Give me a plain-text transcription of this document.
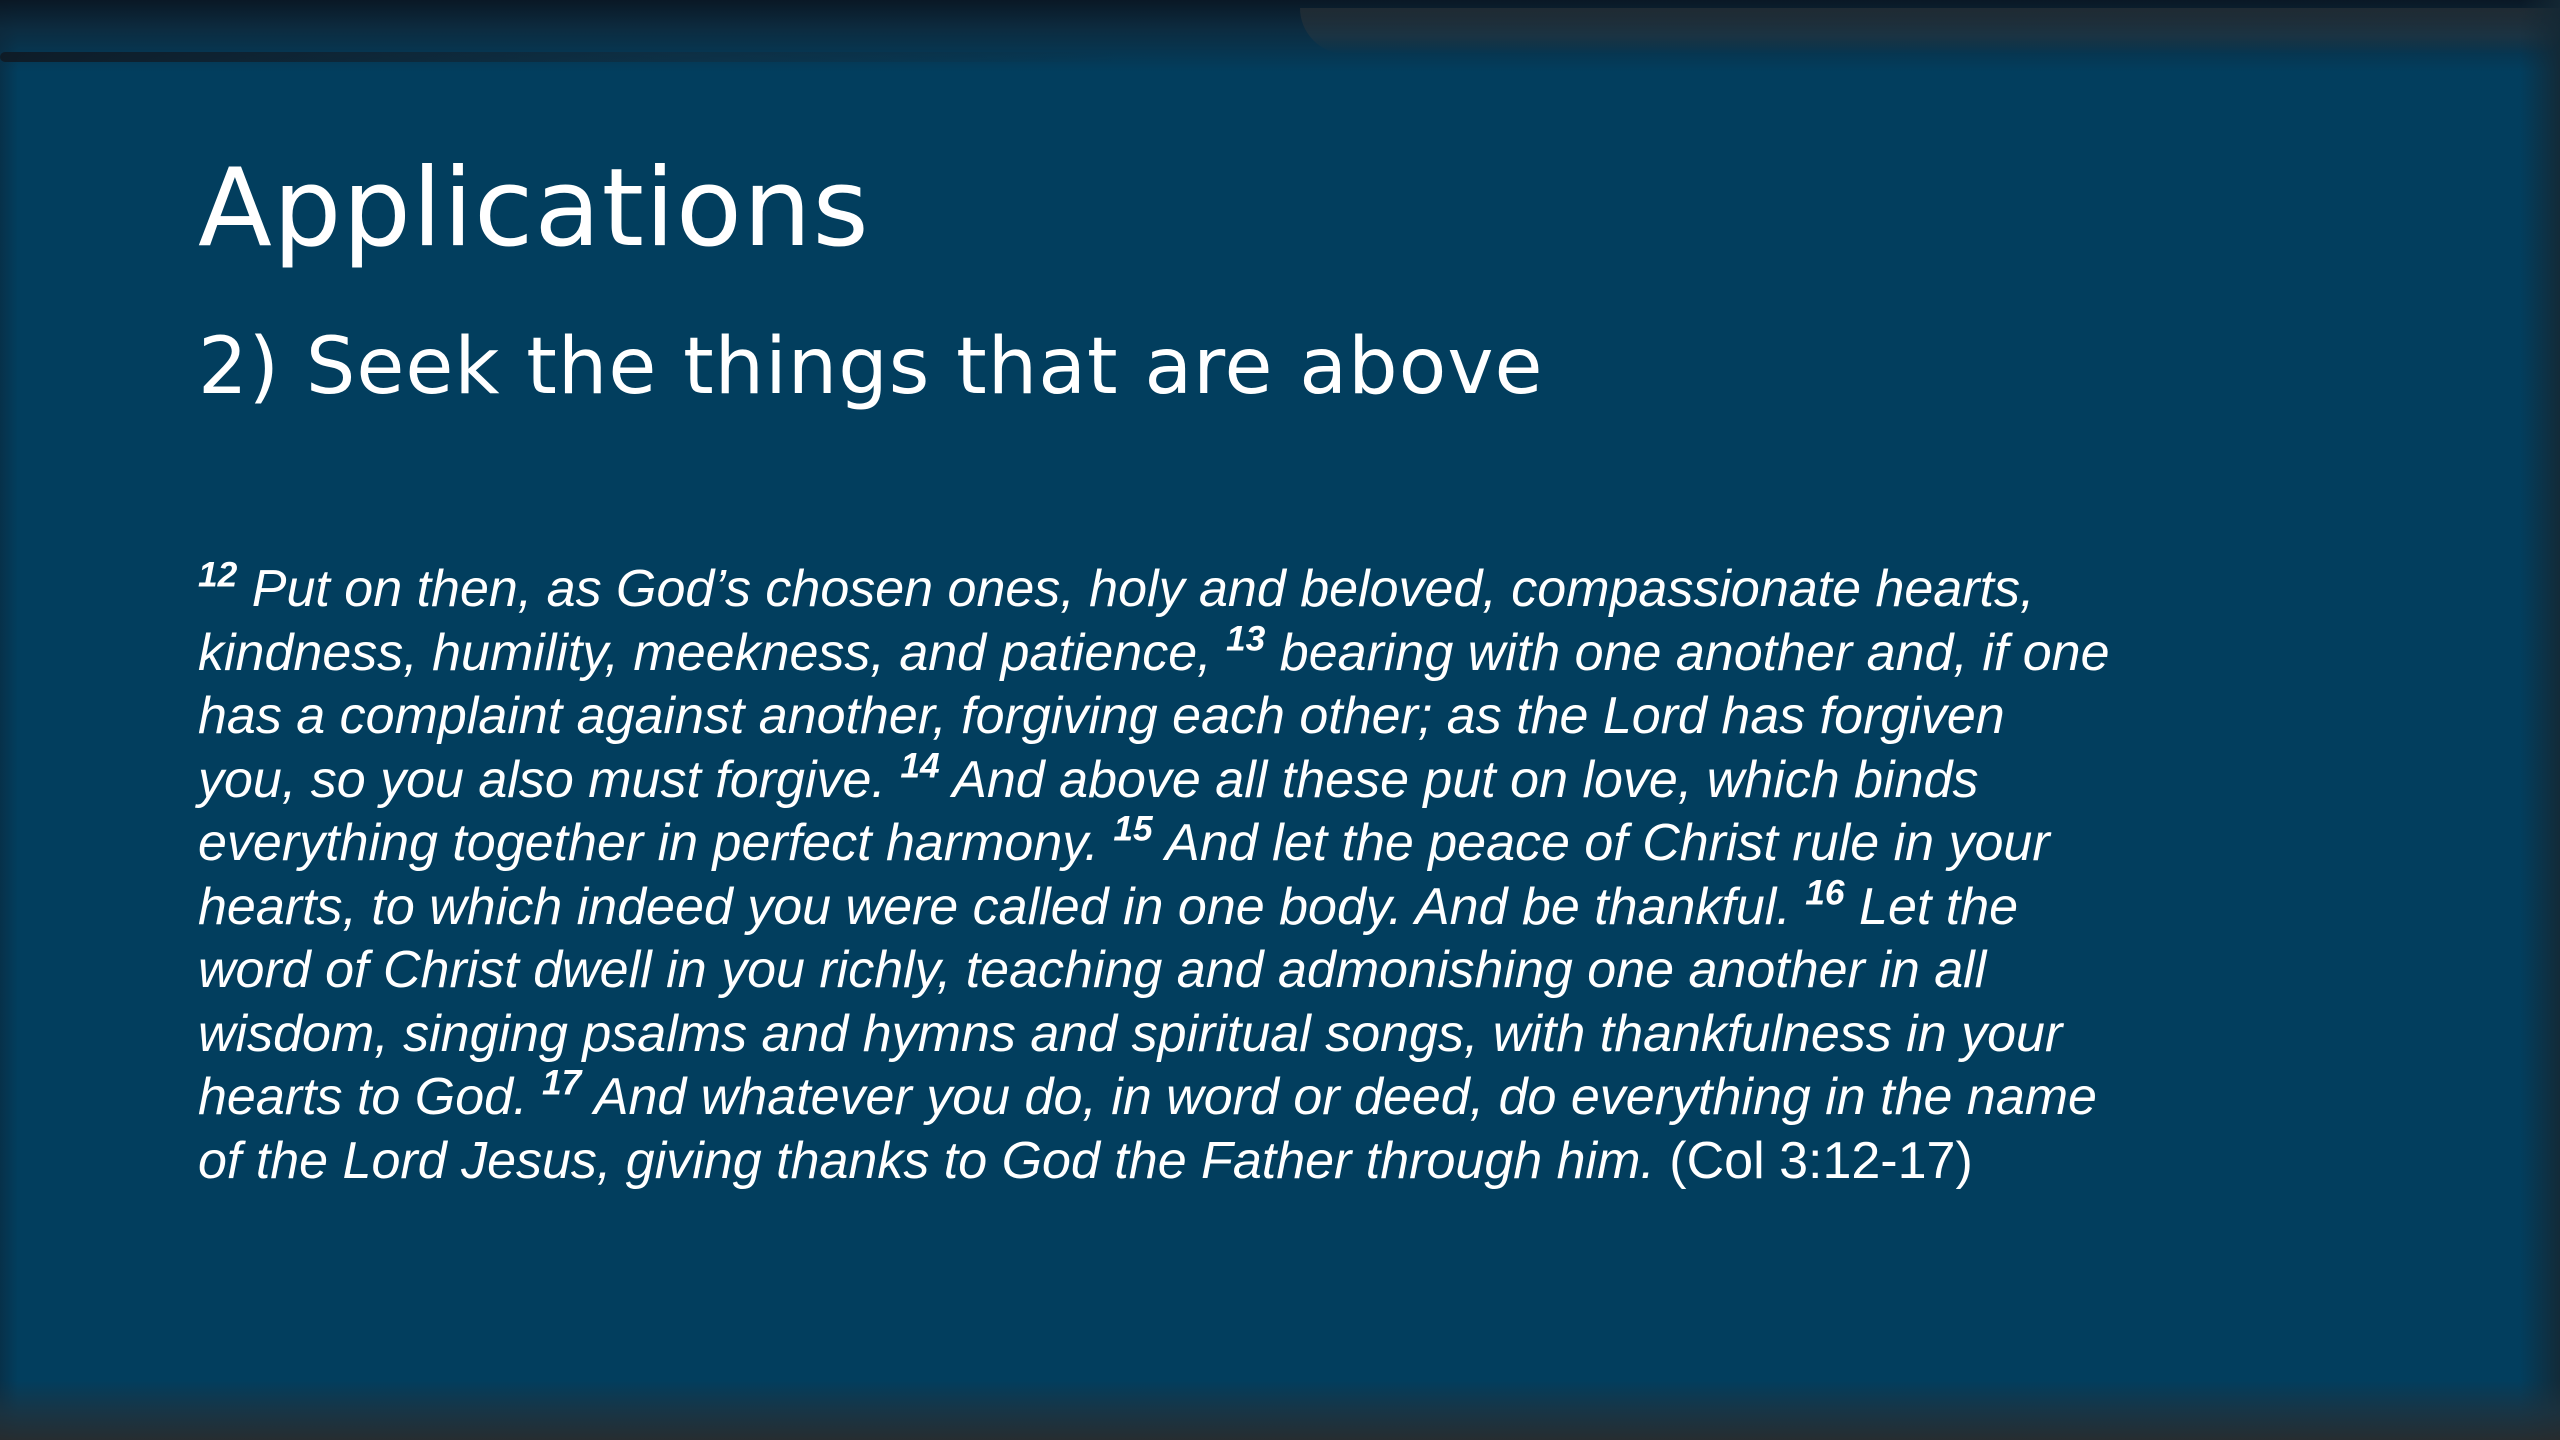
Applications
2) Seek the things that are above

$^{12}$ Put on then, as God’s chosen ones, holy and beloved, compassionate hearts,
kindness, humility, meekness, and patience, $^{13}$ bearing with one another and, if one
has a complaint against another, forgiving each other; as the Lord has forgiven
you, so you also must forgive. $^{14}$ And above all these put on love, which binds
everything together in perfect harmony. $^{15}$ And let the peace of Christ rule in your
hearts, to which indeed you were called in one body. And be thankful. $^{16}$ Let the
word of Christ dwell in you richly, teaching and admonishing one another in all
wisdom, singing psalms and hymns and spiritual songs, with thankfulness in your
hearts to God. $^{17}$ And whatever you do, in word or deed, do everything in the name
of the Lord Jesus, giving thanks to God the Father through him. (Col 3:12-17)
